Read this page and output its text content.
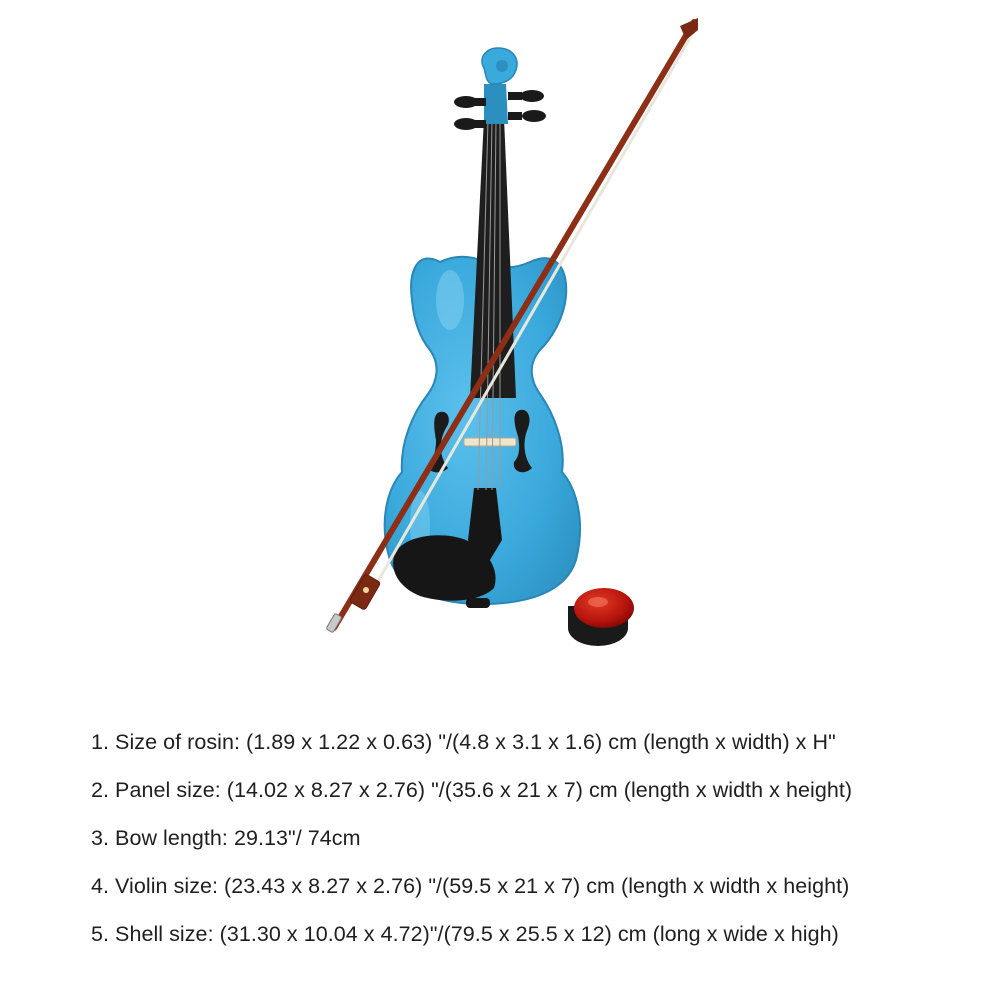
1. Size of rosin: (1.89 x 1.22 x 0.63) "/(4.8 x 3.1 x 1.6) cm (length x width) x H"
2. Panel size: (14.02 x 8.27 x 2.76) "/(35.6 x 21 x 7) cm (length x width x height)
3. Bow length: 29.13"/ 74cm
4. Violin size: (23.43 x 8.27 x 2.76) "/(59.5 x 21 x 7) cm (length x width x height)
5. Shell size: (31.30 x 10.04 x 4.72)"/(79.5 x 25.5 x 12) cm (long x wide x high)
